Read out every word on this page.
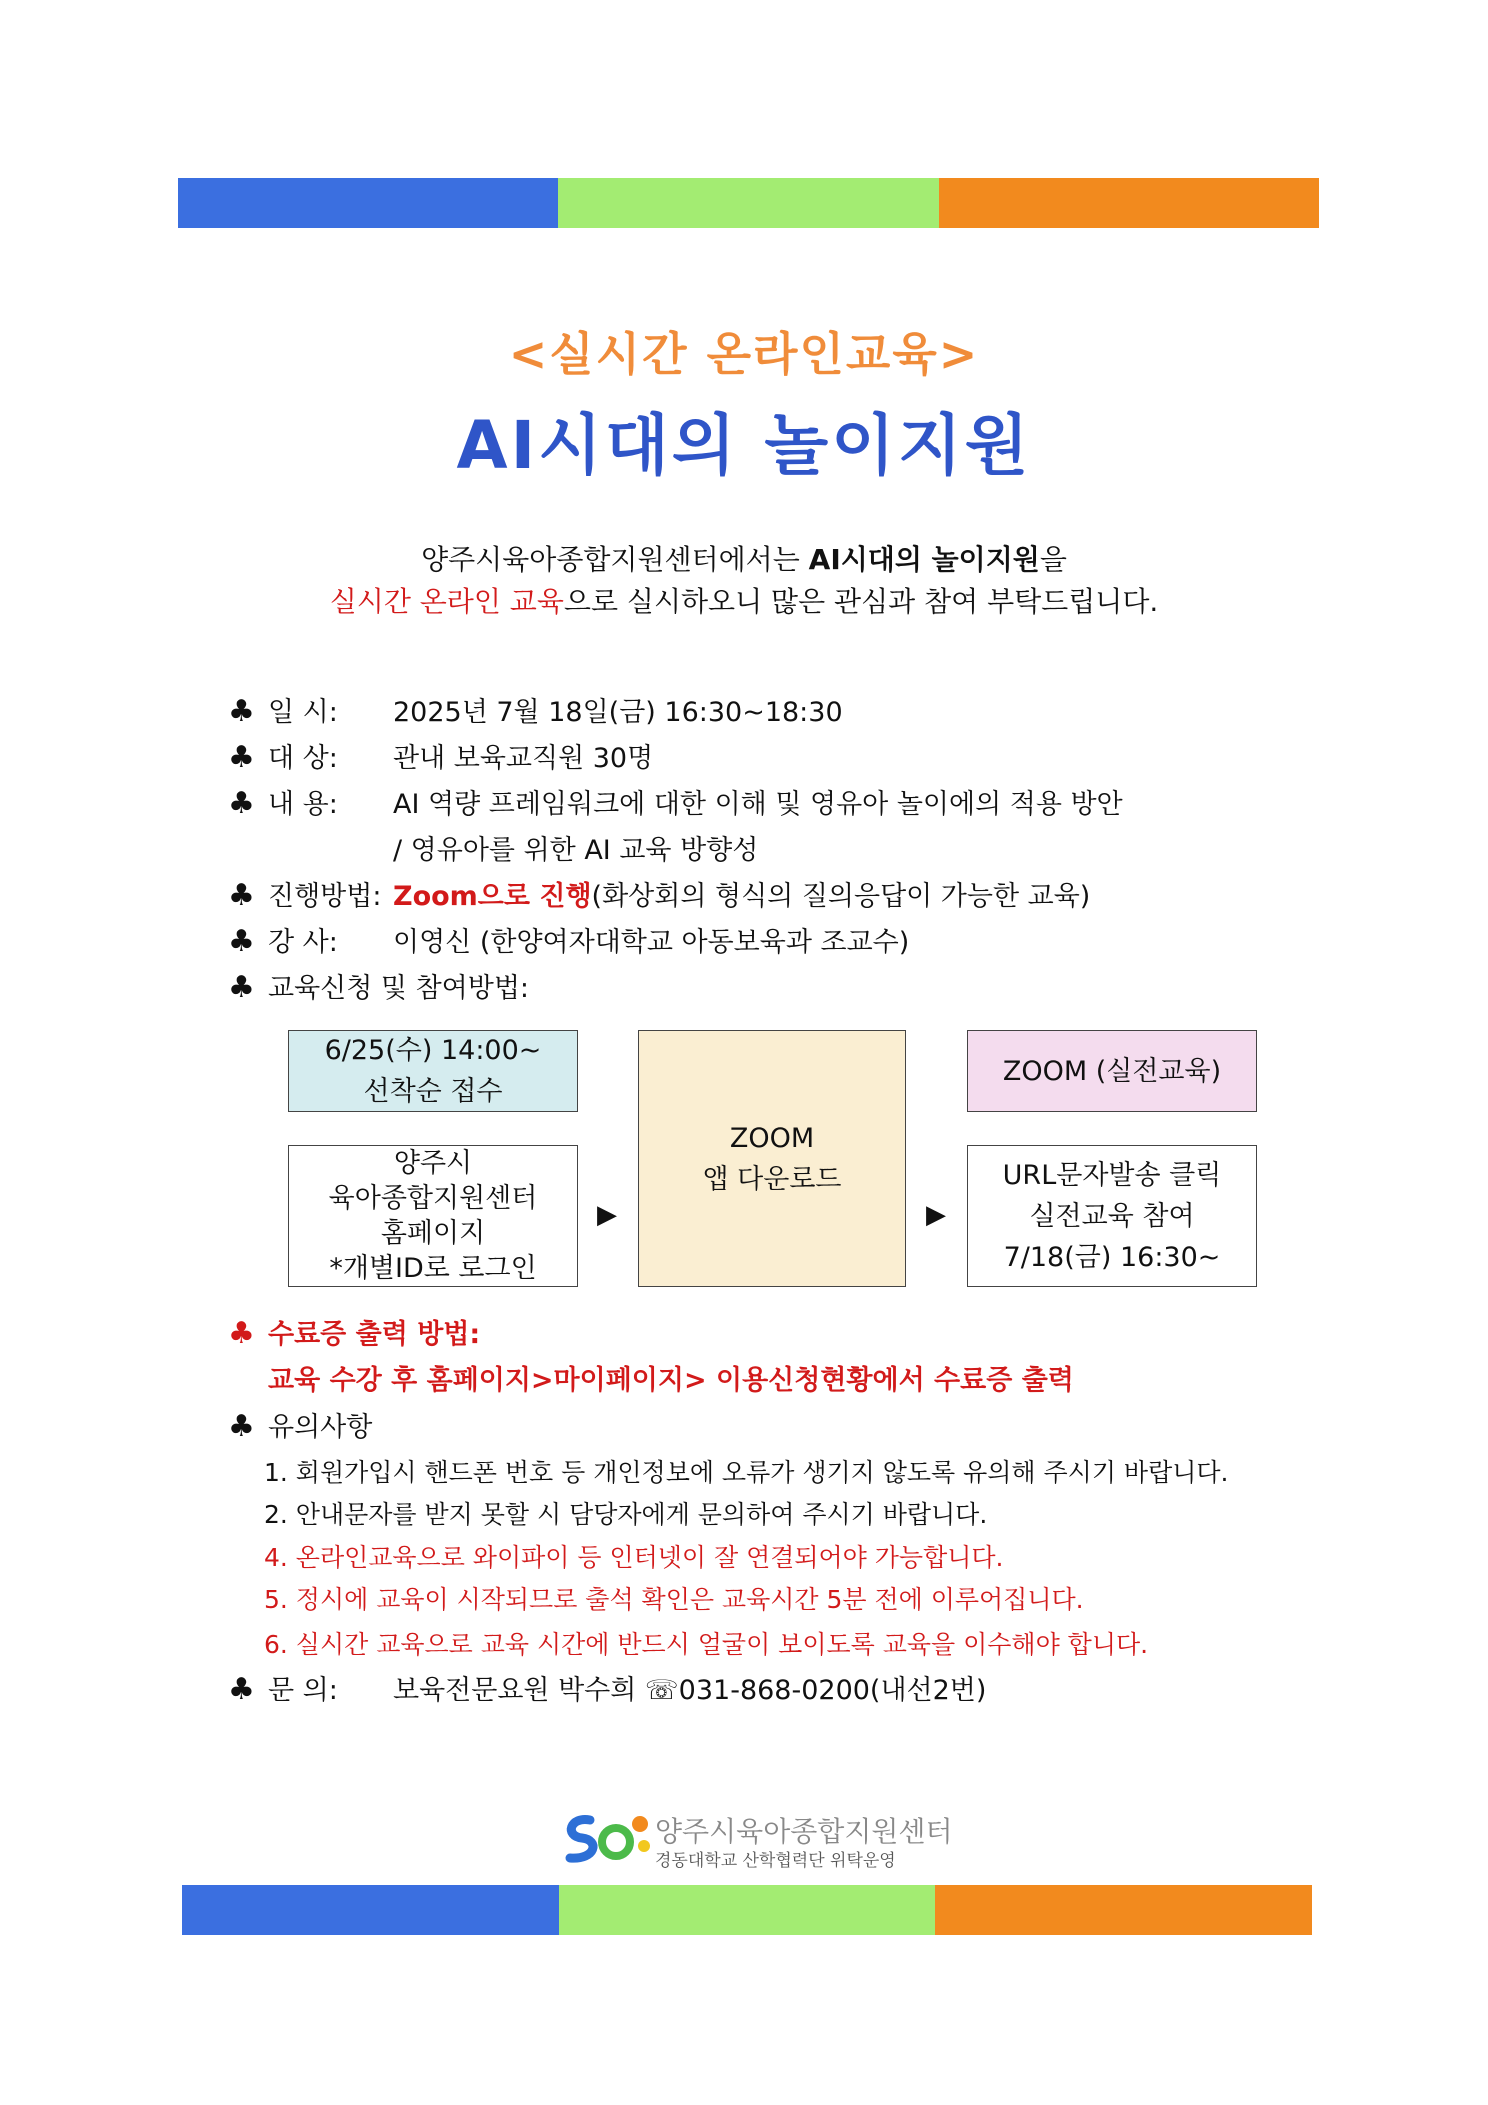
<실시간 온라인교육>
AI시대의 놀이지원
양주시육아종합지원센터에서는 AI시대의 놀이지원을
실시간 온라인 교육으로 실시하오니 많은 관심과 참여 부탁드립니다.
♣ 일 시: 2025년 7월 18일(금) 16:30~18:30
♣ 대 상: 관내 보육교직원 30명
♣ 내 용: AI 역량 프레임워크에 대한 이해 및 영유아 놀이에의 적용 방안
/ 영유아를 위한 AI 교육 방향성
♣ 진행방법: Zoom으로 진행(화상회의 형식의 질의응답이 가능한 교육)
♣ 강 사: 이영신 (한양여자대학교 아동보육과 조교수)
♣ 교육신청 및 참여방법:
6/25(수) 14:00~
선착순 접수
양주시
육아종합지원센터
홈페이지
*개별ID로 로그인
▶
ZOOM
앱 다운로드
▶
ZOOM (실전교육)
URL문자발송 클릭
실전교육 참여
7/18(금) 16:30~
♣ 수료증 출력 방법:
교육 수강 후 홈페이지>마이페이지> 이용신청현황에서 수료증 출력
♣ 유의사항
1. 회원가입시 핸드폰 번호 등 개인정보에 오류가 생기지 않도록 유의해 주시기 바랍니다.
2. 안내문자를 받지 못할 시 담당자에게 문의하여 주시기 바랍니다.
4. 온라인교육으로 와이파이 등 인터넷이 잘 연결되어야 가능합니다.
5. 정시에 교육이 시작되므로 출석 확인은 교육시간 5분 전에 이루어집니다.
6. 실시간 교육으로 교육 시간에 반드시 얼굴이 보이도록 교육을 이수해야 합니다.
♣ 문 의: 보육전문요원 박수희 ☏031-868-0200(내선2번)
양주시육아종합지원센터
경동대학교 산학협력단 위탁운영
